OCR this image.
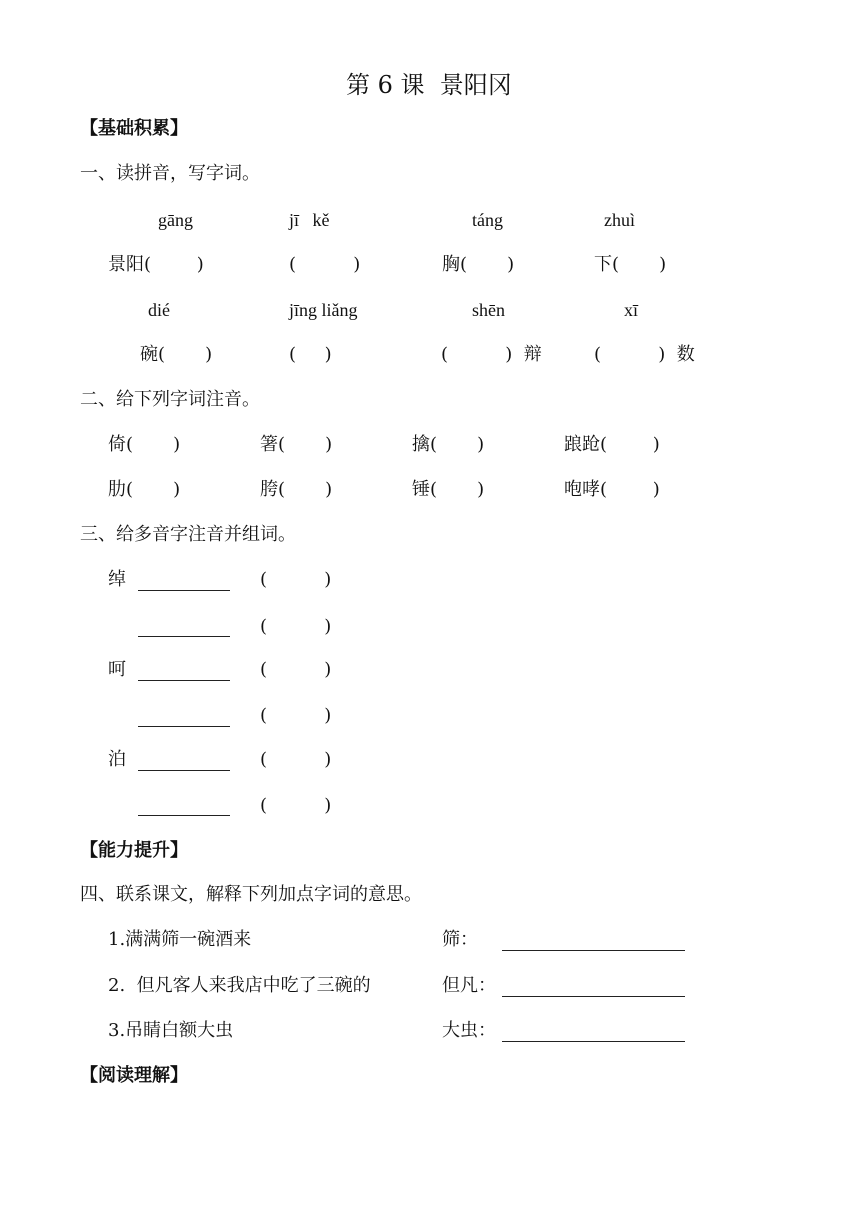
第 6 课  景阳冈
【基础积累】
一、读拼音，写字词。
gāng	jī   kě	táng	zhuì
景阳(        )	(          )	胸(       )	下(       )
dié	jīng liǎng	shēn	xī
碗(       )	(     )	(          )  辩	(          )  数
二、给下列字词注音。
倚(       )	箸(       )	擒(       )	踉跄(        )
肋(       )	胯(       )	锤(       )	咆哮(        )
三、给多音字注音并组词。
绰	(          )
(          )
呵	(          )
(          )
泊	(          )
(          )
【能力提升】
四、联系课文，解释下列加点字词的意思。
1.满满筛一碗酒来	筛：
2.  但凡客人来我店中吃了三碗的	但凡：
3.吊睛白额大虫	大虫：
【阅读理解】
